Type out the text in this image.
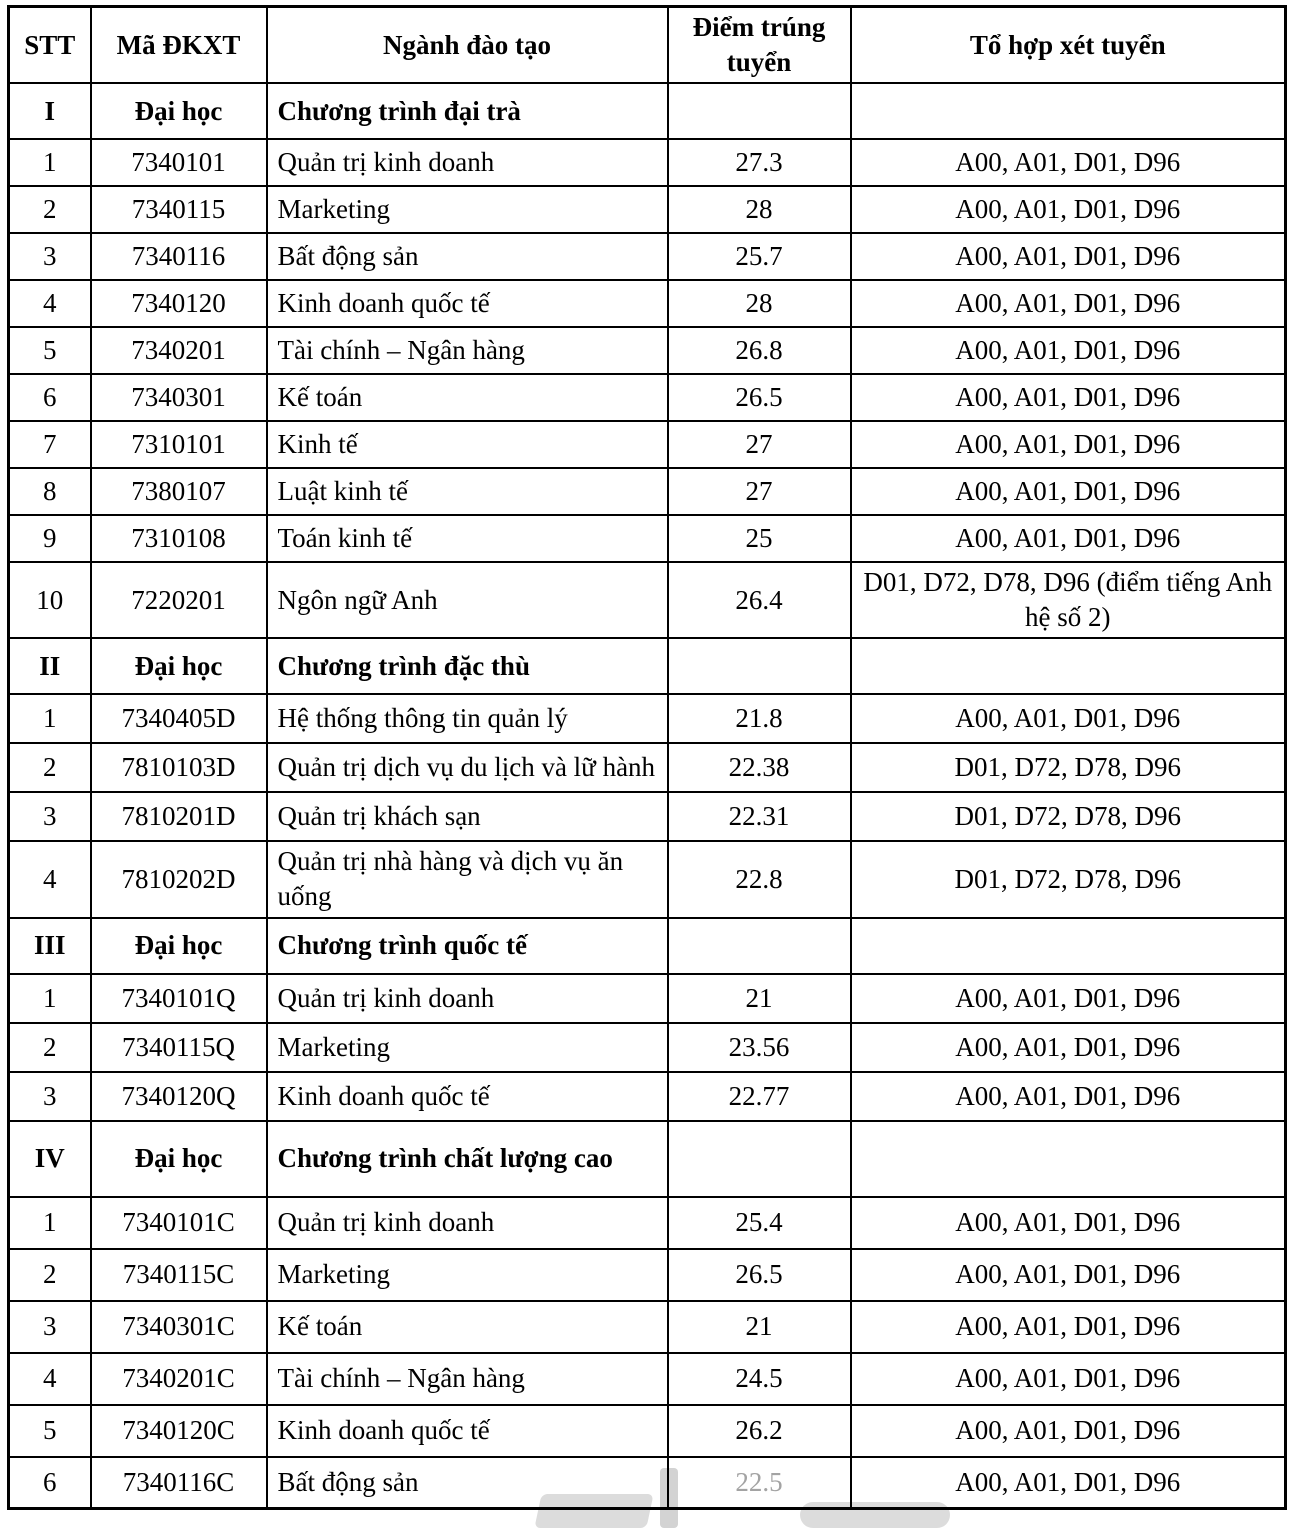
STT	Mã ĐKXT	Ngành đào tạo	Điểm trúng tuyển	Tổ hợp xét tuyển
I	Đại học	Chương trình đại trà		
1	7340101	Quản trị kinh doanh	27.3	A00, A01, D01, D96
2	7340115	Marketing	28	A00, A01, D01, D96
3	7340116	Bất động sản	25.7	A00, A01, D01, D96
4	7340120	Kinh doanh quốc tế	28	A00, A01, D01, D96
5	7340201	Tài chính – Ngân hàng	26.8	A00, A01, D01, D96
6	7340301	Kế toán	26.5	A00, A01, D01, D96
7	7310101	Kinh tế	27	A00, A01, D01, D96
8	7380107	Luật kinh tế	27	A00, A01, D01, D96
9	7310108	Toán kinh tế	25	A00, A01, D01, D96
10	7220201	Ngôn ngữ Anh	26.4	D01, D72, D78, D96 (điểm tiếng Anh hệ số 2)
II	Đại học	Chương trình đặc thù		
1	7340405D	Hệ thống thông tin quản lý	21.8	A00, A01, D01, D96
2	7810103D	Quản trị dịch vụ du lịch và lữ hành	22.38	D01, D72, D78, D96
3	7810201D	Quản trị khách sạn	22.31	D01, D72, D78, D96
4	7810202D	Quản trị nhà hàng và dịch vụ ăn uống	22.8	D01, D72, D78, D96
III	Đại học	Chương trình quốc tế		
1	7340101Q	Quản trị kinh doanh	21	A00, A01, D01, D96
2	7340115Q	Marketing	23.56	A00, A01, D01, D96
3	7340120Q	Kinh doanh quốc tế	22.77	A00, A01, D01, D96
IV	Đại học	Chương trình chất lượng cao		
1	7340101C	Quản trị kinh doanh	25.4	A00, A01, D01, D96
2	7340115C	Marketing	26.5	A00, A01, D01, D96
3	7340301C	Kế toán	21	A00, A01, D01, D96
4	7340201C	Tài chính – Ngân hàng	24.5	A00, A01, D01, D96
5	7340120C	Kinh doanh quốc tế	26.2	A00, A01, D01, D96
6	7340116C	Bất động sản	22.5	A00, A01, D01, D96
